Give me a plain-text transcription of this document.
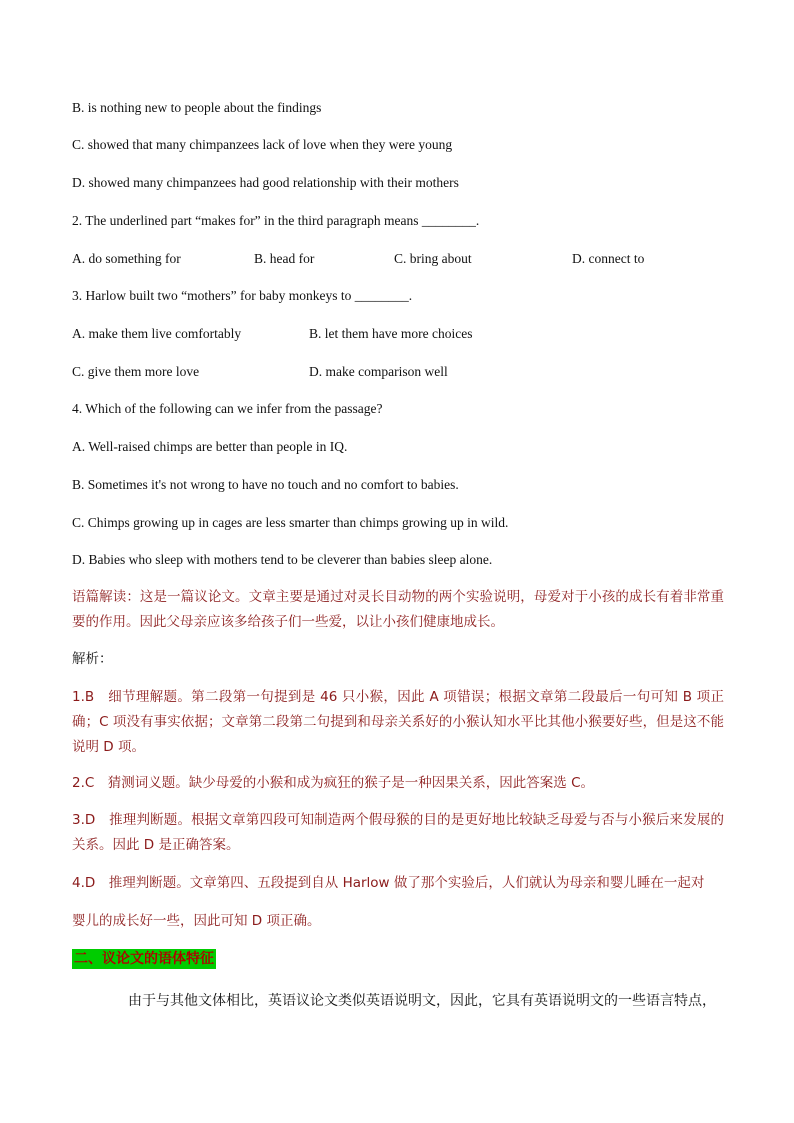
B. is nothing new to people about the findings
C. showed that many chimpanzees lack of love when they were young
D. showed many chimpanzees had good relationship with their mothers
2. The underlined part “makes for” in the third paragraph means ________.
A. do something for	B. head for	C. bring about	D. connect to
3. Harlow built two “mothers” for baby monkeys to ________.
A. make them live comfortably	B. let them have more choices
C. give them more love	D. make comparison well
4. Which of the following can we infer from the passage?
A. Well-raised chimps are better than people in IQ.
B. Sometimes it's not wrong to have no touch and no comfort to babies.
C. Chimps growing up in cages are less smarter than chimps growing up in wild.
D. Babies who sleep with mothers tend to be cleverer than babies sleep alone.
语篇解读：这是一篇议论文。文章主要是通过对灵长目动物的两个实验说明，母爱对于小孩的成长有着非常重要的作用。因此父母亲应该多给孩子们一些爱，以让小孩们健康地成长。
解析：
1.B　细节理解题。第二段第一句提到是 46 只小猴，因此 A 项错误；根据文章第二段最后一句可知 B 项正确；C 项没有事实依据；文章第二段第二句提到和母亲关系好的小猴认知水平比其他小猴要好些，但是这不能说明 D 项。
2.C　猜测词义题。缺少母爱的小猴和成为疯狂的猴子是一种因果关系，因此答案选 C。
3.D　推理判断题。根据文章第四段可知制造两个假母猴的目的是更好地比较缺乏母爱与否与小猴后来发展的关系。因此 D 是正确答案。
4.D　推理判断题。文章第四、五段提到自从 Harlow 做了那个实验后，人们就认为母亲和婴儿睡在一起对
婴儿的成长好一些，因此可知 D 项正确。
二、议论文的语体特征
由于与其他文体相比，英语议论文类似英语说明文，因此，它具有英语说明文的一些语言特点，
